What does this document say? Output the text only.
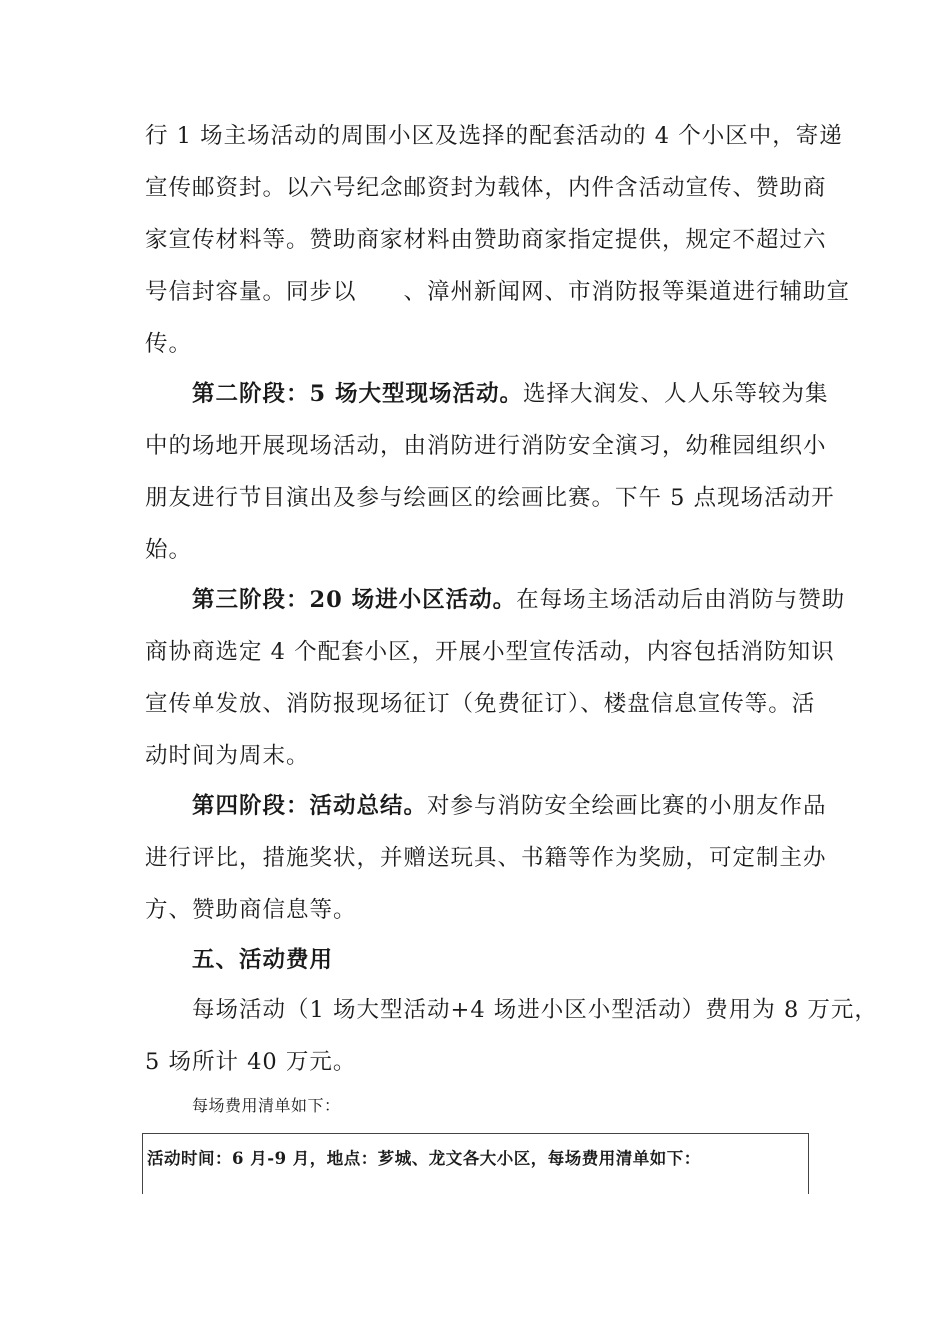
行 1 场主场活动的周围小区及选择的配套活动的 4 个小区中，寄递
宣传邮资封。以六号纪念邮资封为载体，内件含活动宣传、赞助商
家宣传材料等。赞助商家材料由赞助商家指定提供，规定不超过六
号信封容量。同步以　　、漳州新闻网、市消防报等渠道进行辅助宣
传。
第二阶段：5 场大型现场活动。选择大润发、人人乐等较为集
中的场地开展现场活动，由消防进行消防安全演习，幼稚园组织小
朋友进行节目演出及参与绘画区的绘画比赛。下午 5 点现场活动开
始。
第三阶段：20 场进小区活动。在每场主场活动后由消防与赞助
商协商选定 4 个配套小区，开展小型宣传活动，内容包括消防知识
宣传单发放、消防报现场征订（免费征订）、楼盘信息宣传等。活
动时间为周末。
第四阶段：活动总结。对参与消防安全绘画比赛的小朋友作品
进行评比，措施奖状，并赠送玩具、书籍等作为奖励，可定制主办
方、赞助商信息等。
五、活动费用
每场活动（1 场大型活动+4 场进小区小型活动）费用为 8 万元，
5 场所计 40 万元。
每场费用清单如下：
活动时间：6 月-9 月，地点：芗城、龙文各大小区，每场费用清单如下：
